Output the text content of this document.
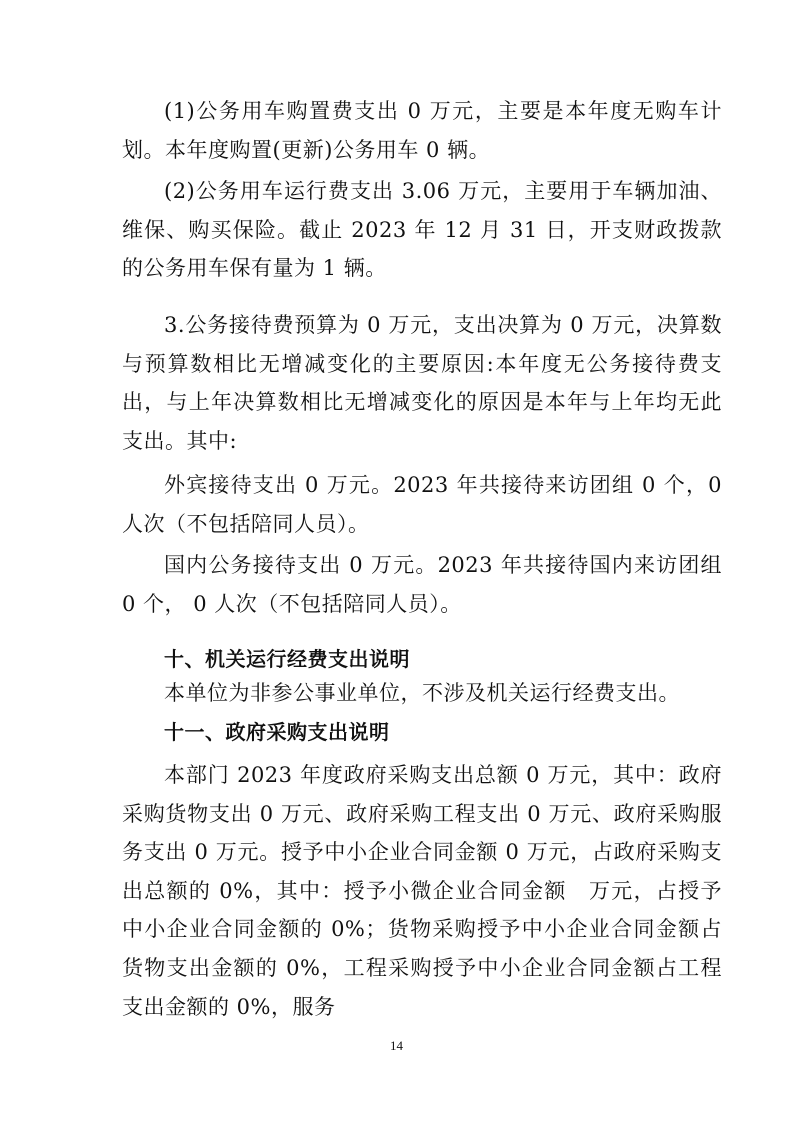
(1)公务用车购置费支出 0 万元，主要是本年度无购车计划。本年度购置(更新)公务用车 0 辆。

(2)公务用车运行费支出 3.06 万元，主要用于车辆加油、维保、购买保险。截止 2023 年 12 月 31 日，开支财政拨款的公务用车保有量为 1 辆。

3.公务接待费预算为 0 万元，支出决算为 0 万元，决算数与预算数相比无增减变化的主要原因:本年度无公务接待费支出，与上年决算数相比无增减变化的原因是本年与上年均无此支出。其中:

外宾接待支出 0 万元。2023 年共接待来访团组 0 个，0 人次（不包括陪同人员）。

国内公务接待支出 0 万元。2023 年共接待国内来访团组 0 个， 0 人次（不包括陪同人员）。

十、机关运行经费支出说明

本单位为非参公事业单位，不涉及机关运行经费支出。

十一、政府采购支出说明

本部门 2023 年度政府采购支出总额 0 万元，其中：政府采购货物支出 0 万元、政府采购工程支出 0 万元、政府采购服务支出 0 万元。授予中小企业合同金额 0 万元，占政府采购支出总额的 0%，其中：授予小微企业合同金额　万元，占授予中小企业合同金额的 0%；货物采购授予中小企业合同金额占货物支出金额的 0%，工程采购授予中小企业合同金额占工程支出金额的 0%，服务

14
